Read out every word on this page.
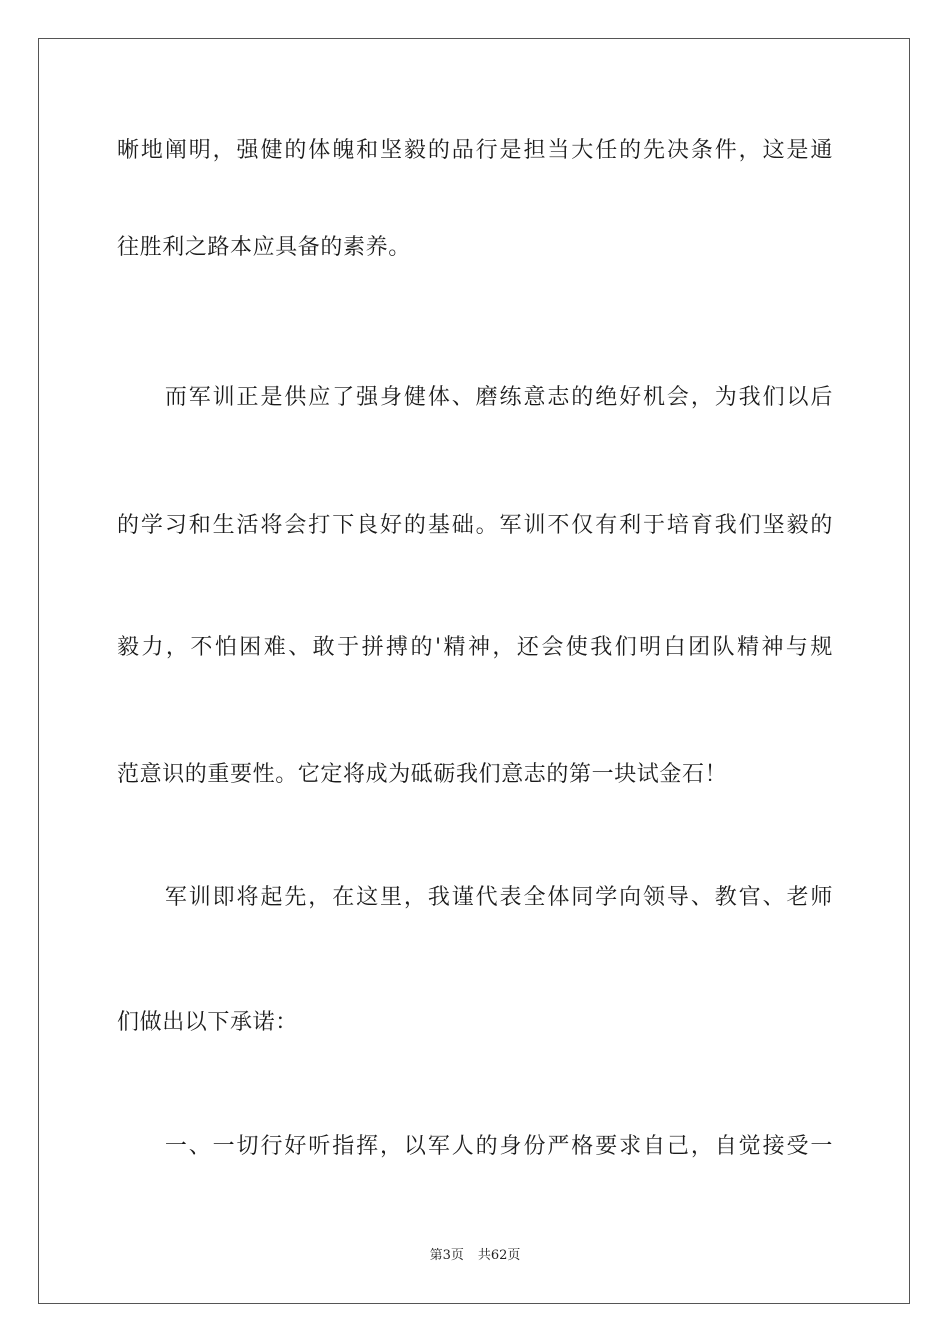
晰地阐明，强健的体魄和坚毅的品行是担当大任的先决条件，这是通
往胜利之路本应具备的素养。
　　而军训正是供应了强身健体、磨练意志的绝好机会，为我们以后
的学习和生活将会打下良好的基础。军训不仅有利于培育我们坚毅的
毅力，不怕困难、敢于拼搏的'精神，还会使我们明白团队精神与规
范意识的重要性。它定将成为砥砺我们意志的第一块试金石！
　　军训即将起先，在这里，我谨代表全体同学向领导、教官、老师
们做出以下承诺：
　　一、一切行好听指挥，以军人的身份严格要求自己，自觉接受一
第3页 共62页
